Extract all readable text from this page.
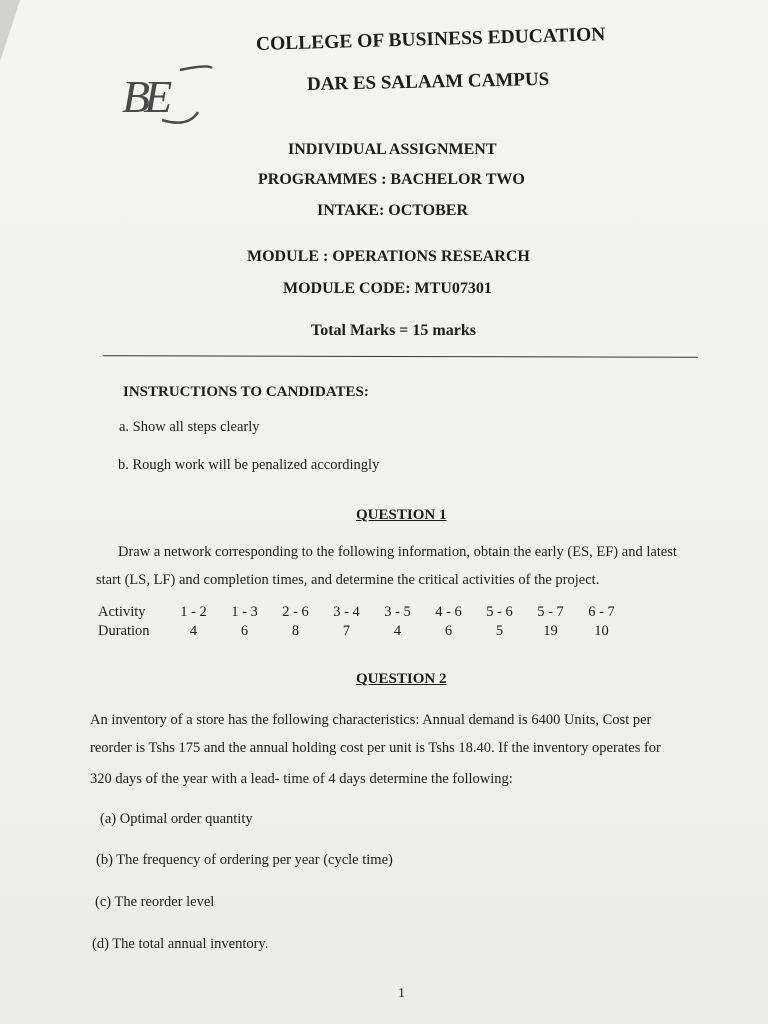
BE
COLLEGE OF BUSINESS EDUCATION
DAR ES SALAAM CAMPUS
INDIVIDUAL ASSIGNMENT
PROGRAMMES : BACHELOR TWO
INTAKE: OCTOBER
MODULE : OPERATIONS RESEARCH
MODULE CODE: MTU07301
Total Marks = 15 marks
INSTRUCTIONS TO CANDIDATES:
a. Show all steps clearly
b. Rough work will be penalized accordingly
QUESTION 1
Draw a network corresponding to the following information, obtain the early (ES, EF) and latest
start (LS, LF) and completion times, and determine the critical activities of the project.
Activity	1 - 2	1 - 3	2 - 6	3 - 4	3 - 5	4 - 6	5 - 6	5 - 7	6 - 7
Duration	4	6	8	7	4	6	5	19	10
QUESTION 2
An inventory of a store has the following characteristics: Annual demand is 6400 Units, Cost per
reorder is Tshs 175 and the annual holding cost per unit is Tshs 18.40. If the inventory operates for
320 days of the year with a lead- time of 4 days determine the following:
(a) Optimal order quantity
(b) The frequency of ordering per year (cycle time)
(c) The reorder level
(d) The total annual inventory.
1
